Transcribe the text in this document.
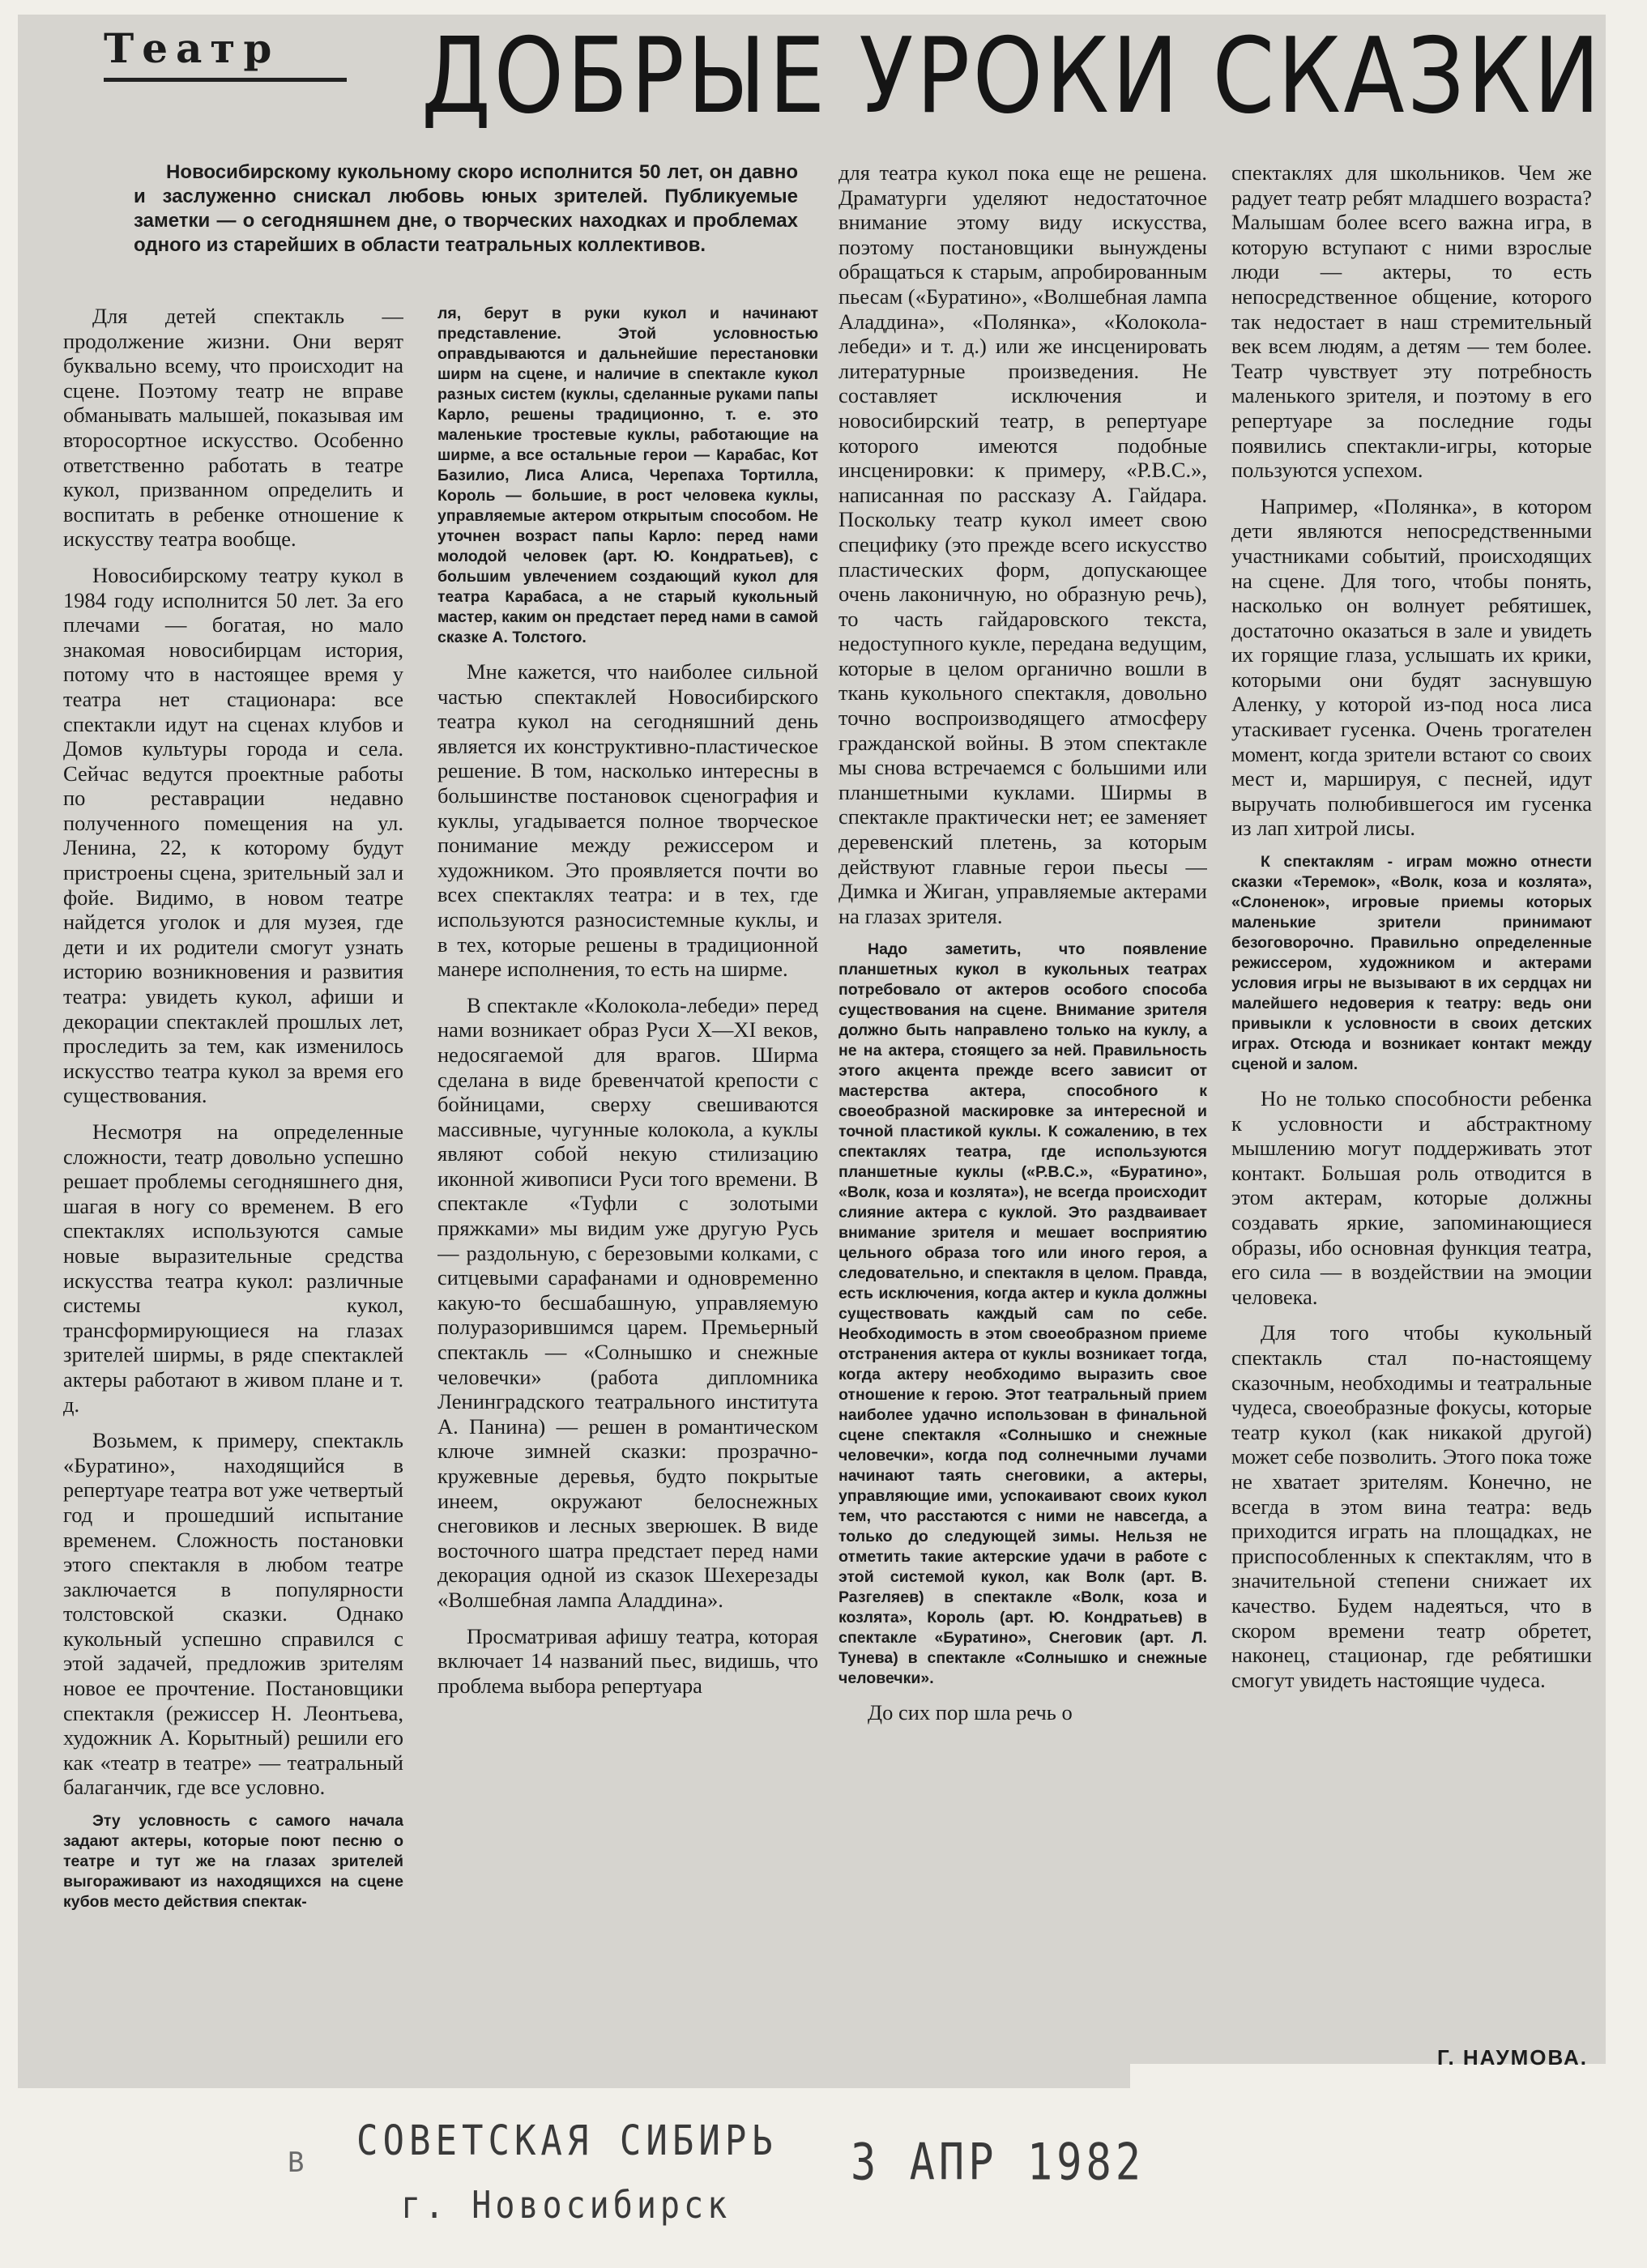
Театр	ДОБРЫЕ УРОКИ СКАЗКИ
Новосибирскому кукольному скоро исполнится 50 лет, он давно и заслуженно снискал любовь юных зрителей. Публикуемые заметки — о сегодняшнем дне, о творческих находках и проблемах одного из старейших в области театральных коллективов.

Для детей спектакль — продолжение жизни. Они верят буквально всему, что происходит на сцене. Поэтому театр не вправе обманывать малышей, показывая им второсортное искусство. Особенно ответственно работать в театре кукол, призванном определить и воспитать в ребенке отношение к искусству театра вообще.

Новосибирскому театру кукол в 1984 году исполнится 50 лет. За его плечами — богатая, но мало знакомая новосибирцам история, потому что в настоящее время у театра нет стационара: все спектакли идут на сценах клубов и Домов культуры города и села. Сейчас ведутся проектные работы по реставрации недавно полученного помещения на ул. Ленина, 22, к которому будут пристроены сцена, зрительный зал и фойе. Видимо, в новом театре найдется уголок и для музея, где дети и их родители смогут узнать историю возникновения и развития театра: увидеть кукол, афиши и декорации спектаклей прошлых лет, проследить за тем, как изменилось искусство театра кукол за время его существования.

Несмотря на определенные сложности, театр довольно успешно решает проблемы сегодняшнего дня, шагая в ногу со временем. В его спектаклях используются самые новые выразительные средства искусства театра кукол: различные системы кукол, трансформирующиеся на глазах зрителей ширмы, в ряде спектаклей актеры работают в живом плане и т. д.

Возьмем, к примеру, спектакль «Буратино», находящийся в репертуаре театра вот уже четвертый год и прошедший испытание временем. Сложность постановки этого спектакля в любом театре заключается в популярности толстовской сказки. Однако кукольный успешно справился с этой задачей, предложив зрителям новое ее прочтение. Постановщики спектакля (режиссер Н. Леонтьева, художник А. Корытный) решили его как «театр в театре» — театральный балаганчик, где все условно.

Эту условность с самого начала задают актеры, которые поют песню о театре и тут же на глазах зрителей выгораживают из находящихся на сцене кубов место действия спектак-

ля, берут в руки кукол и начинают представление. Этой условностью оправдываются и дальнейшие перестановки ширм на сцене, и наличие в спектакле кукол разных систем (куклы, сделанные руками папы Карло, решены традиционно, т. е. это маленькие тростевые куклы, работающие на ширме, а все остальные герои — Карабас, Кот Базилио, Лиса Алиса, Черепаха Тортилла, Король — большие, в рост человека куклы, управляемые актером открытым способом. Не уточнен возраст папы Карло: перед нами молодой человек (арт. Ю. Кондратьев), с большим увлечением создающий кукол для театра Карабаса, а не старый кукольный мастер, каким он предстает перед нами в самой сказке А. Толстого.

Мне кажется, что наиболее сильной частью спектаклей Новосибирского театра кукол на сегодняшний день является их конструктивно-пластическое решение. В том, насколько интересны в большинстве постановок сценография и куклы, угадывается полное творческое понимание между режиссером и художником. Это проявляется почти во всех спектаклях театра: и в тех, где используются разносистемные куклы, и в тех, которые решены в традиционной манере исполнения, то есть на ширме.

В спектакле «Колокола-лебеди» перед нами возникает образ Руси X—XI веков, недосягаемой для врагов. Ширма сделана в виде бревенчатой крепости с бойницами, сверху свешиваются массивные, чугунные колокола, а куклы являют собой некую стилизацию иконной живописи Руси того времени. В спектакле «Туфли с золотыми пряжками» мы видим уже другую Русь — раздольную, с березовыми колками, с ситцевыми сарафанами и одновременно какую-то бесшабашную, управляемую полуразорившимся царем. Премьерный спектакль — «Солнышко и снежные человечки» (работа дипломника Ленинградского театрального института А. Панина) — решен в романтическом ключе зимней сказки: прозрачно-кружевные деревья, будто покрытые инеем, окружают белоснежных снеговиков и лесных зверюшек. В виде восточного шатра предстает перед нами декорация одной из сказок Шехерезады «Волшебная лампа Аладдина».

Просматривая афишу театра, которая включает 14 названий пьес, видишь, что проблема выбора репертуара

для театра кукол пока еще не решена. Драматурги уделяют недостаточное внимание этому виду искусства, поэтому постановщики вынуждены обращаться к старым, апробированным пьесам («Буратино», «Волшебная лампа Аладдина», «Полянка», «Колокола-лебеди» и т. д.) или же инсценировать литературные произведения. Не составляет исключения и новосибирский театр, в репертуаре которого имеются подобные инсценировки: к примеру, «Р.В.С.», написанная по рассказу А. Гайдара. Поскольку театр кукол имеет свою специфику (это прежде всего искусство пластических форм, допускающее очень лаконичную, но образную речь), то часть гайдаровского текста, недоступного кукле, передана ведущим, которые в целом органично вошли в ткань кукольного спектакля, довольно точно воспроизводящего атмосферу гражданской войны. В этом спектакле мы снова встречаемся с большими или планшетными куклами. Ширмы в спектакле практически нет; ее заменяет деревенский плетень, за которым действуют главные герои пьесы — Димка и Жиган, управляемые актерами на глазах зрителя.

Надо заметить, что появление планшетных кукол в кукольных театрах потребовало от актеров особого способа существования на сцене. Внимание зрителя должно быть направлено только на куклу, а не на актера, стоящего за ней. Правильность этого акцента прежде всего зависит от мастерства актера, способного к своеобразной маскировке за интересной и точной пластикой куклы. К сожалению, в тех спектаклях театра, где используются планшетные куклы («Р.В.С.», «Буратино», «Волк, коза и козлята»), не всегда происходит слияние актера с куклой. Это раздваивает внимание зрителя и мешает восприятию цельного образа того или иного героя, а следовательно, и спектакля в целом. Правда, есть исключения, когда актер и кукла должны существовать каждый сам по себе. Необходимость в этом своеобразном приеме отстранения актера от куклы возникает тогда, когда актеру необходимо выразить свое отношение к герою. Этот театральный прием наиболее удачно использован в финальной сцене спектакля «Солнышко и снежные человечки», когда под солнечными лучами начинают таять снеговики, а актеры, управляющие ими, успокаивают своих кукол тем, что расстаются с ними не навсегда, а только до следующей зимы. Нельзя не отметить такие актерские удачи в работе с этой системой кукол, как Волк (арт. В. Разгеляев) в спектакле «Волк, коза и козлята», Король (арт. Ю. Кондратьев) в спектакле «Буратино», Снеговик (арт. Л. Тунева) в спектакле «Солнышко и снежные человечки».

До сих пор шла речь о

спектаклях для школьников. Чем же радует театр ребят младшего возраста? Малышам более всего важна игра, в которую вступают с ними взрослые люди — актеры, то есть непосредственное общение, которого так недостает в наш стремительный век всем людям, а детям — тем более. Театр чувствует эту потребность маленького зрителя, и поэтому в его репертуаре за последние годы появились спектакли-игры, которые пользуются успехом.

Например, «Полянка», в котором дети являются непосредственными участниками событий, происходящих на сцене. Для того, чтобы понять, насколько он волнует ребятишек, достаточно оказаться в зале и увидеть их горящие глаза, услышать их крики, которыми они будят заснувшую Аленку, у которой из-под носа лиса утаскивает гусенка. Очень трогателен момент, когда зрители встают со своих мест и, маршируя, с песней, идут выручать полюбившегося им гусенка из лап хитрой лисы.

К спектаклям - играм можно отнести сказки «Теремок», «Волк, коза и козлята», «Слоненок», игровые приемы которых маленькие зрители принимают безоговорочно. Правильно определенные режиссером, художником и актерами условия игры не вызывают в их сердцах ни малейшего недоверия к театру: ведь они привыкли к условности в своих детских играх. Отсюда и возникает контакт между сценой и залом.

Но не только способности ребенка к условности и абстрактному мышлению могут поддерживать этот контакт. Большая роль отводится в этом актерам, которые должны создавать яркие, запоминающиеся образы, ибо основная функция театра, его сила — в воздействии на эмоции человека.

Для того чтобы кукольный спектакль стал по-настоящему сказочным, необходимы и театральные чудеса, своеобразные фокусы, которые театр кукол (как никакой другой) может себе позволить. Этого пока тоже не хватает зрителям. Конечно, не всегда в этом вина театра: ведь приходится играть на площадках, не приспособленных к спектаклям, что в значительной степени снижает их качество. Будем надеяться, что в скором времени театр обретет, наконец, стационар, где ребятишки смогут увидеть настоящие чудеса.

Г. НАУМОВА.
В СОВЕТСКАЯ СИБИРЬ
г. Новосибирск
3 АПР 1982
